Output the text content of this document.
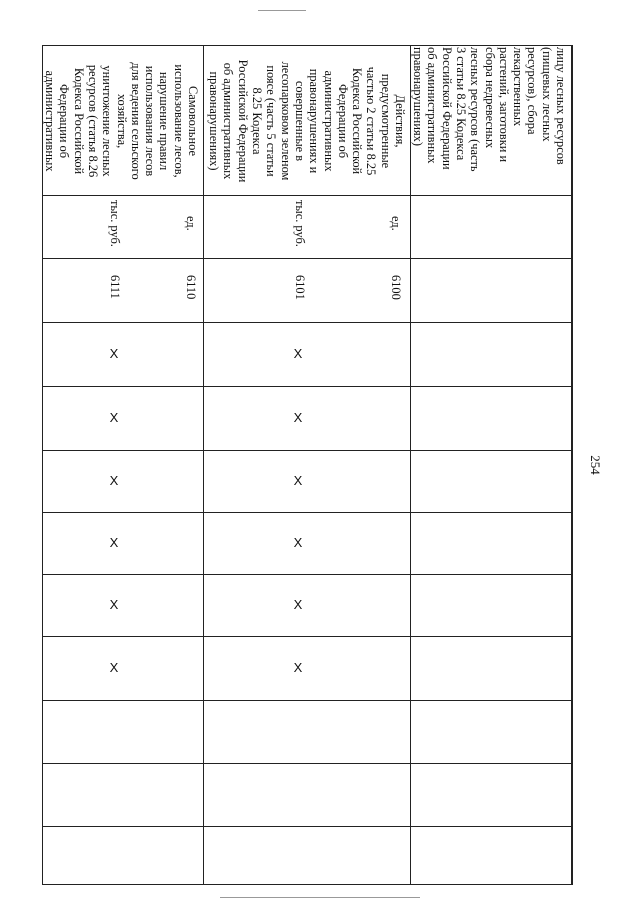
254
лицу лесных ресурсов
(пищевых лесных
ресурсов), сбора
лекарственных
растений, заготовки и
сбора недревесных
лесных ресурсов (часть
3 статьи 8.25 Кодекса
Российской Федерации
об административных
правонарушениях)
Действия,
предусмотренные
частью 2 статьи 8.25
Кодекса Российской
Федерации об
административных
правонарушениях и
совершенные в
лесопарковом зеленом
поясе (часть 5 статьи
8.25 Кодекса
Российской Федерации
об административных
правонарушениях)
ед.
6100
тыс. руб.
6101
X
X
X
X
X
X
Самовольное
использование лесов,
нарушение правил
использования лесов
для ведения сельского
хозяйства,
уничтожение лесных
ресурсов (статья 8.26
Кодекса Российской
Федерации об
административных
ед.
6110
тыс. руб.
6111
X
X
X
X
X
X
